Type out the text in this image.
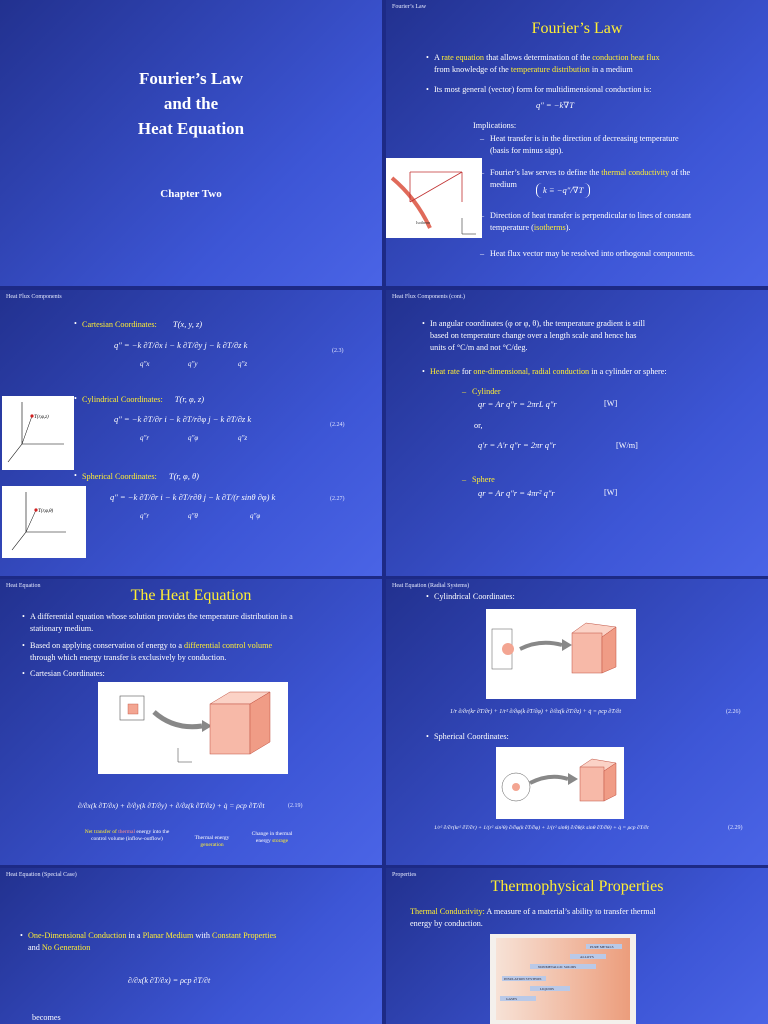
Fourier’s Law
and the
Heat Equation
Chapter Two
Fourier’s Law
Fourier’s Law
• A rate equation that allows determination of the conduction heat flux
from knowledge of the temperature distribution in a medium
• Its most general (vector) form for multidimensional conduction is:
q″ = −k∇T
Implications:
– Heat transfer is in the direction of decreasing temperature
(basis for minus sign).
– Fourier’s law serves to define the thermal conductivity of the
medium
k ≡ −q″/∇T
– Direction of heat transfer is perpendicular to lines of constant
temperature (isotherms).
– Heat flux vector may be resolved into orthogonal components.
Isotherm
Heat Flux Components
• Cartesian Coordinates: T(x, y, z)
q″ = −k ∂T/∂x i − k ∂T/∂y j − k ∂T/∂z k
q″x	q″y	q″z
(2.3)
• Cylindrical Coordinates: T(r, φ, z)
q″ = −k ∂T/∂r i − k ∂T/r∂φ j − k ∂T/∂z k
q″r	q″φ	q″z
(2.24)
• Spherical Coordinates: T(r, φ, θ)
q″ = −k ∂T/∂r i − k ∂T/r∂θ j − k ∂T/(r sinθ ∂φ) k
q″r	q″θ	q″φ
(2.27)
T(r,φ,z)
T(r,φ,θ)
Heat Flux Components (cont.)
• In angular coordinates (φ or φ, θ), the temperature gradient is still
based on temperature change over a length scale and hence has
units of °C/m and not °C/deg.
• Heat rate for one-dimensional, radial conduction in a cylinder or sphere:
– Cylinder
qr = Ar q″r = 2πrL q″r	[W]
or,
q′r = A′r q″r = 2πr q″r	[W/m]
– Sphere
qr = Ar q″r = 4πr² q″r	[W]
Heat Equation
The Heat Equation
• A differential equation whose solution provides the temperature distribution in a
stationary medium.
• Based on applying conservation of energy to a differential control volume
through which energy transfer is exclusively by conduction.
• Cartesian Coordinates:
∂/∂x(k ∂T/∂x) + ∂/∂y(k ∂T/∂y) + ∂/∂z(k ∂T/∂z) + q̇ = ρcp ∂T/∂t	(2.19)
Net transfer of thermal energy into the
control volume (inflow-outflow)	Thermal energy
generation
Change in thermal
energy storage
Heat Equation (Radial Systems)
• Cylindrical Coordinates:
1/r ∂/∂r(kr ∂T/∂r) + 1/r² ∂/∂φ(k ∂T/∂φ) + ∂/∂z(k ∂T/∂z) + q̇ = ρcp ∂T/∂t	(2.26)
• Spherical Coordinates:
1/r² ∂/∂r(kr² ∂T/∂r) + 1/(r² sin²θ) ∂/∂φ(k ∂T/∂φ) + 1/(r² sinθ) ∂/∂θ(k sinθ ∂T/∂θ) + q̇ = ρcp ∂T/∂t	(2.29)
Heat Equation (Special Case)
• One-Dimensional Conduction in a Planar Medium with Constant Properties
and No Generation
∂/∂x(k ∂T/∂x) = ρcp ∂T/∂t
becomes
Properties
Thermophysical Properties
Thermal Conductivity: A measure of a material’s ability to transfer thermal
energy by conduction.
PURE METALS
ALLOYS
NONMETALLIC SOLIDS
INSULATION SYSTEMS
LIQUIDS
GASES
